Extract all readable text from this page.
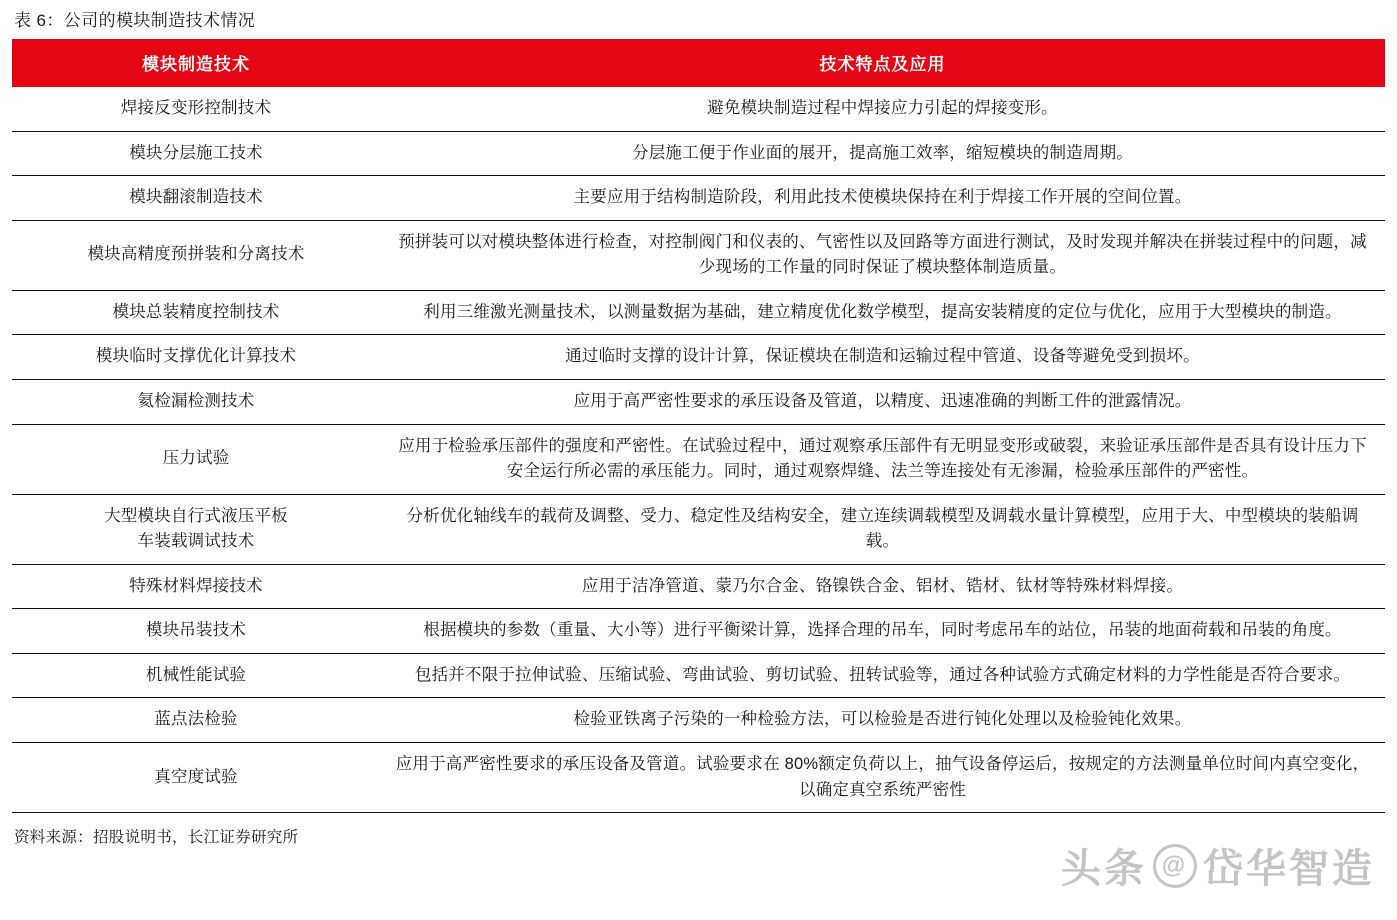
表 6：公司的模块制造技术情况
模块制造技术	技术特点及应用
焊接反变形控制技术	避免模块制造过程中焊接应力引起的焊接变形。
模块分层施工技术	分层施工便于作业面的展开，提高施工效率，缩短模块的制造周期。
模块翻滚制造技术	主要应用于结构制造阶段，利用此技术使模块保持在利于焊接工作开展的空间位置。
模块高精度预拼装和分离技术	预拼装可以对模块整体进行检查，对控制阀门和仪表的、气密性以及回路等方面进行测试，及时发现并解决在拼装过程中的问题，减少现场的工作量的同时保证了模块整体制造质量。
模块总装精度控制技术	利用三维激光测量技术，以测量数据为基础，建立精度优化数学模型，提高安装精度的定位与优化，应用于大型模块的制造。
模块临时支撑优化计算技术	通过临时支撑的设计计算，保证模块在制造和运输过程中管道、设备等避免受到损坏。
氦检漏检测技术	应用于高严密性要求的承压设备及管道，以精度、迅速准确的判断工件的泄露情况。
压力试验	应用于检验承压部件的强度和严密性。在试验过程中，通过观察承压部件有无明显变形或破裂，来验证承压部件是否具有设计压力下安全运行所必需的承压能力。同时，通过观察焊缝、法兰等连接处有无渗漏，检验承压部件的严密性。

大型模块自行式液压平板
车装载调试技术	分析优化轴线车的载荷及调整、受力、稳定性及结构安全，建立连续调载模型及调载水量计算模型，应用于大、中型模块的装船调载。
特殊材料焊接技术	应用于洁净管道、蒙乃尔合金、铬镍铁合金、铝材、锆材、钛材等特殊材料焊接。
模块吊装技术	根据模块的参数（重量、大小等）进行平衡梁计算，选择合理的吊车，同时考虑吊车的站位，吊装的地面荷载和吊装的角度。
机械性能试验	包括并不限于拉伸试验、压缩试验、弯曲试验、剪切试验、扭转试验等，通过各种试验方式确定材料的力学性能是否符合要求。
蓝点法检验	检验亚铁离子污染的一种检验方法，可以检验是否进行钝化处理以及检验钝化效果。
真空度试验	应用于高严密性要求的承压设备及管道。试验要求在 80%额定负荷以上，抽气设备停运后，按规定的方法测量单位时间内真空变化，以确定真空系统严密性
资料来源：招股说明书，长江证券研究所
头条 @ 岱华智造
